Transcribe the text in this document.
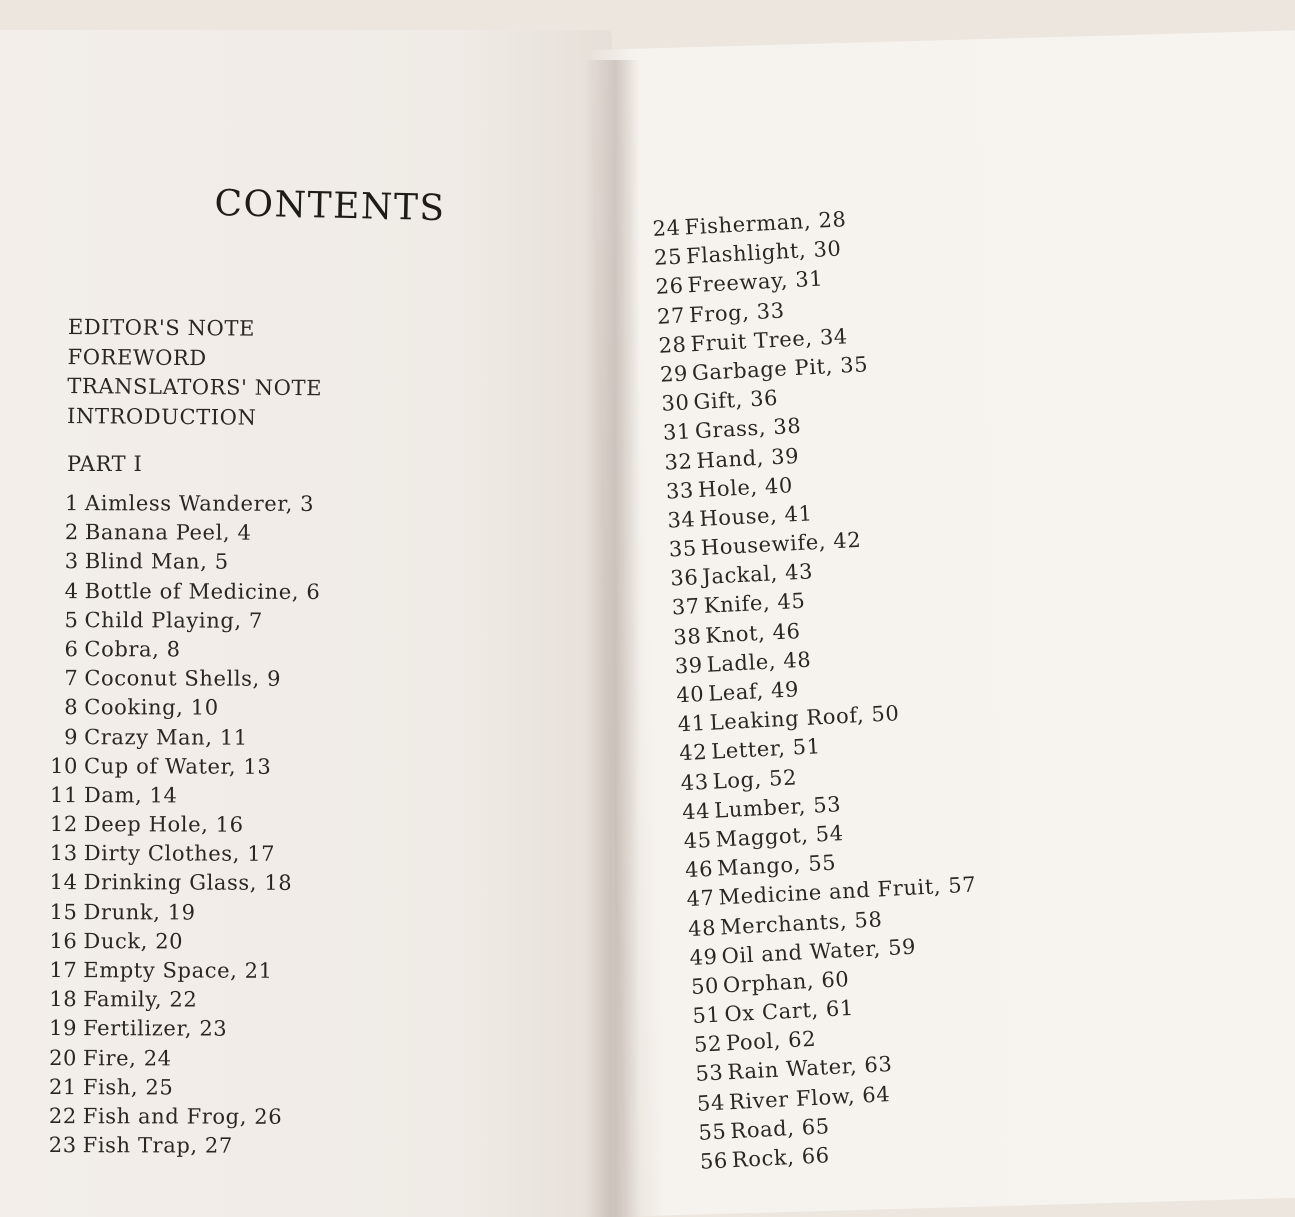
CONTENTS
EDITOR'S NOTE
FOREWORD
TRANSLATORS' NOTE
INTRODUCTION
PART I
1 Aimless Wanderer, 3
2 Banana Peel, 4
3 Blind Man, 5
4 Bottle of Medicine, 6
5 Child Playing, 7
6 Cobra, 8
7 Coconut Shells, 9
8 Cooking, 10
9 Crazy Man, 11
10 Cup of Water, 13
11 Dam, 14
12 Deep Hole, 16
13 Dirty Clothes, 17
14 Drinking Glass, 18
15 Drunk, 19
16 Duck, 20
17 Empty Space, 21
18 Family, 22
19 Fertilizer, 23
20 Fire, 24
21 Fish, 25
22 Fish and Frog, 26
23 Fish Trap, 27
24 Fisherman, 28
25 Flashlight, 30
26 Freeway, 31
27 Frog, 33
28 Fruit Tree, 34
29 Garbage Pit, 35
30 Gift, 36
31 Grass, 38
32 Hand, 39
33 Hole, 40
34 House, 41
35 Housewife, 42
36 Jackal, 43
37 Knife, 45
38 Knot, 46
39 Ladle, 48
40 Leaf, 49
41 Leaking Roof, 50
42 Letter, 51
43 Log, 52
44 Lumber, 53
45 Maggot, 54
46 Mango, 55
47 Medicine and Fruit, 57
48 Merchants, 58
49 Oil and Water, 59
50 Orphan, 60
51 Ox Cart, 61
52 Pool, 62
53 Rain Water, 63
54 River Flow, 64
55 Road, 65
56 Rock, 66
